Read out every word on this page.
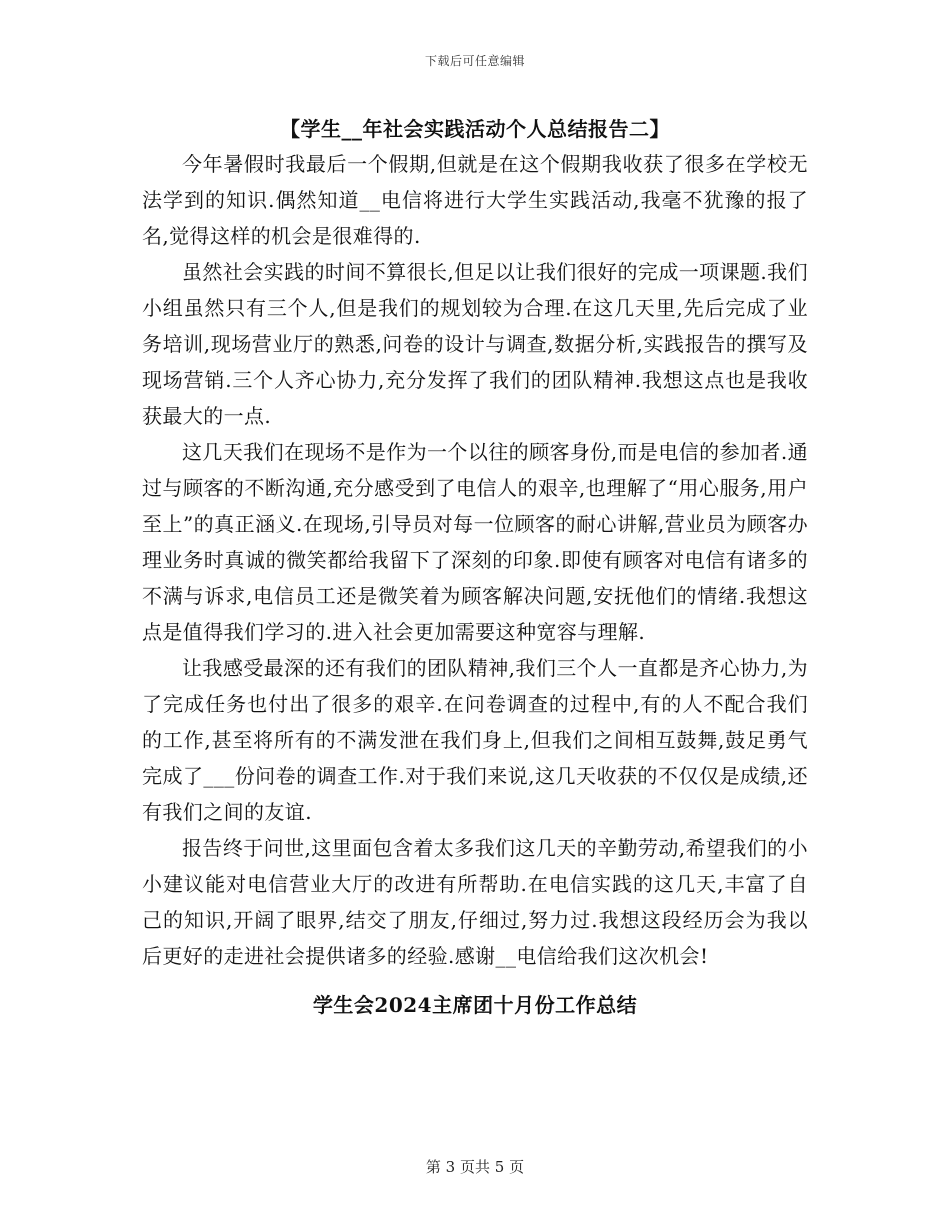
下载后可任意编辑
【学生__年社会实践活动个人总结报告二】

今年暑假时我最后一个假期,但就是在这个假期我收获了很多在学校无法学到的知识.偶然知道__电信将进行大学生实践活动,我毫不犹豫的报了名,觉得这样的机会是很难得的.

虽然社会实践的时间不算很长,但足以让我们很好的完成一项课题.我们小组虽然只有三个人,但是我们的规划较为合理.在这几天里,先后完成了业务培训,现场营业厅的熟悉,问卷的设计与调查,数据分析,实践报告的撰写及现场营销.三个人齐心协力,充分发挥了我们的团队精神.我想这点也是我收获最大的一点.

这几天我们在现场不是作为一个以往的顾客身份,而是电信的参加者.通过与顾客的不断沟通,充分感受到了电信人的艰辛,也理解了“用心服务,用户至上”的真正涵义.在现场,引导员对每一位顾客的耐心讲解,营业员为顾客办理业务时真诚的微笑都给我留下了深刻的印象.即使有顾客对电信有诸多的不满与诉求,电信员工还是微笑着为顾客解决问题,安抚他们的情绪.我想这点是值得我们学习的.进入社会更加需要这种宽容与理解.

让我感受最深的还有我们的团队精神,我们三个人一直都是齐心协力,为了完成任务也付出了很多的艰辛.在问卷调查的过程中,有的人不配合我们的工作,甚至将所有的不满发泄在我们身上,但我们之间相互鼓舞,鼓足勇气完成了___份问卷的调查工作.对于我们来说,这几天收获的不仅仅是成绩,还有我们之间的友谊.

报告终于问世,这里面包含着太多我们这几天的辛勤劳动,希望我们的小小建议能对电信营业大厅的改进有所帮助.在电信实践的这几天,丰富了自己的知识,开阔了眼界,结交了朋友,仔细过,努力过.我想这段经历会为我以后更好的走进社会提供诸多的经验.感谢__电信给我们这次机会!

学生会2024主席团十月份工作总结
第 3 页共 5 页
